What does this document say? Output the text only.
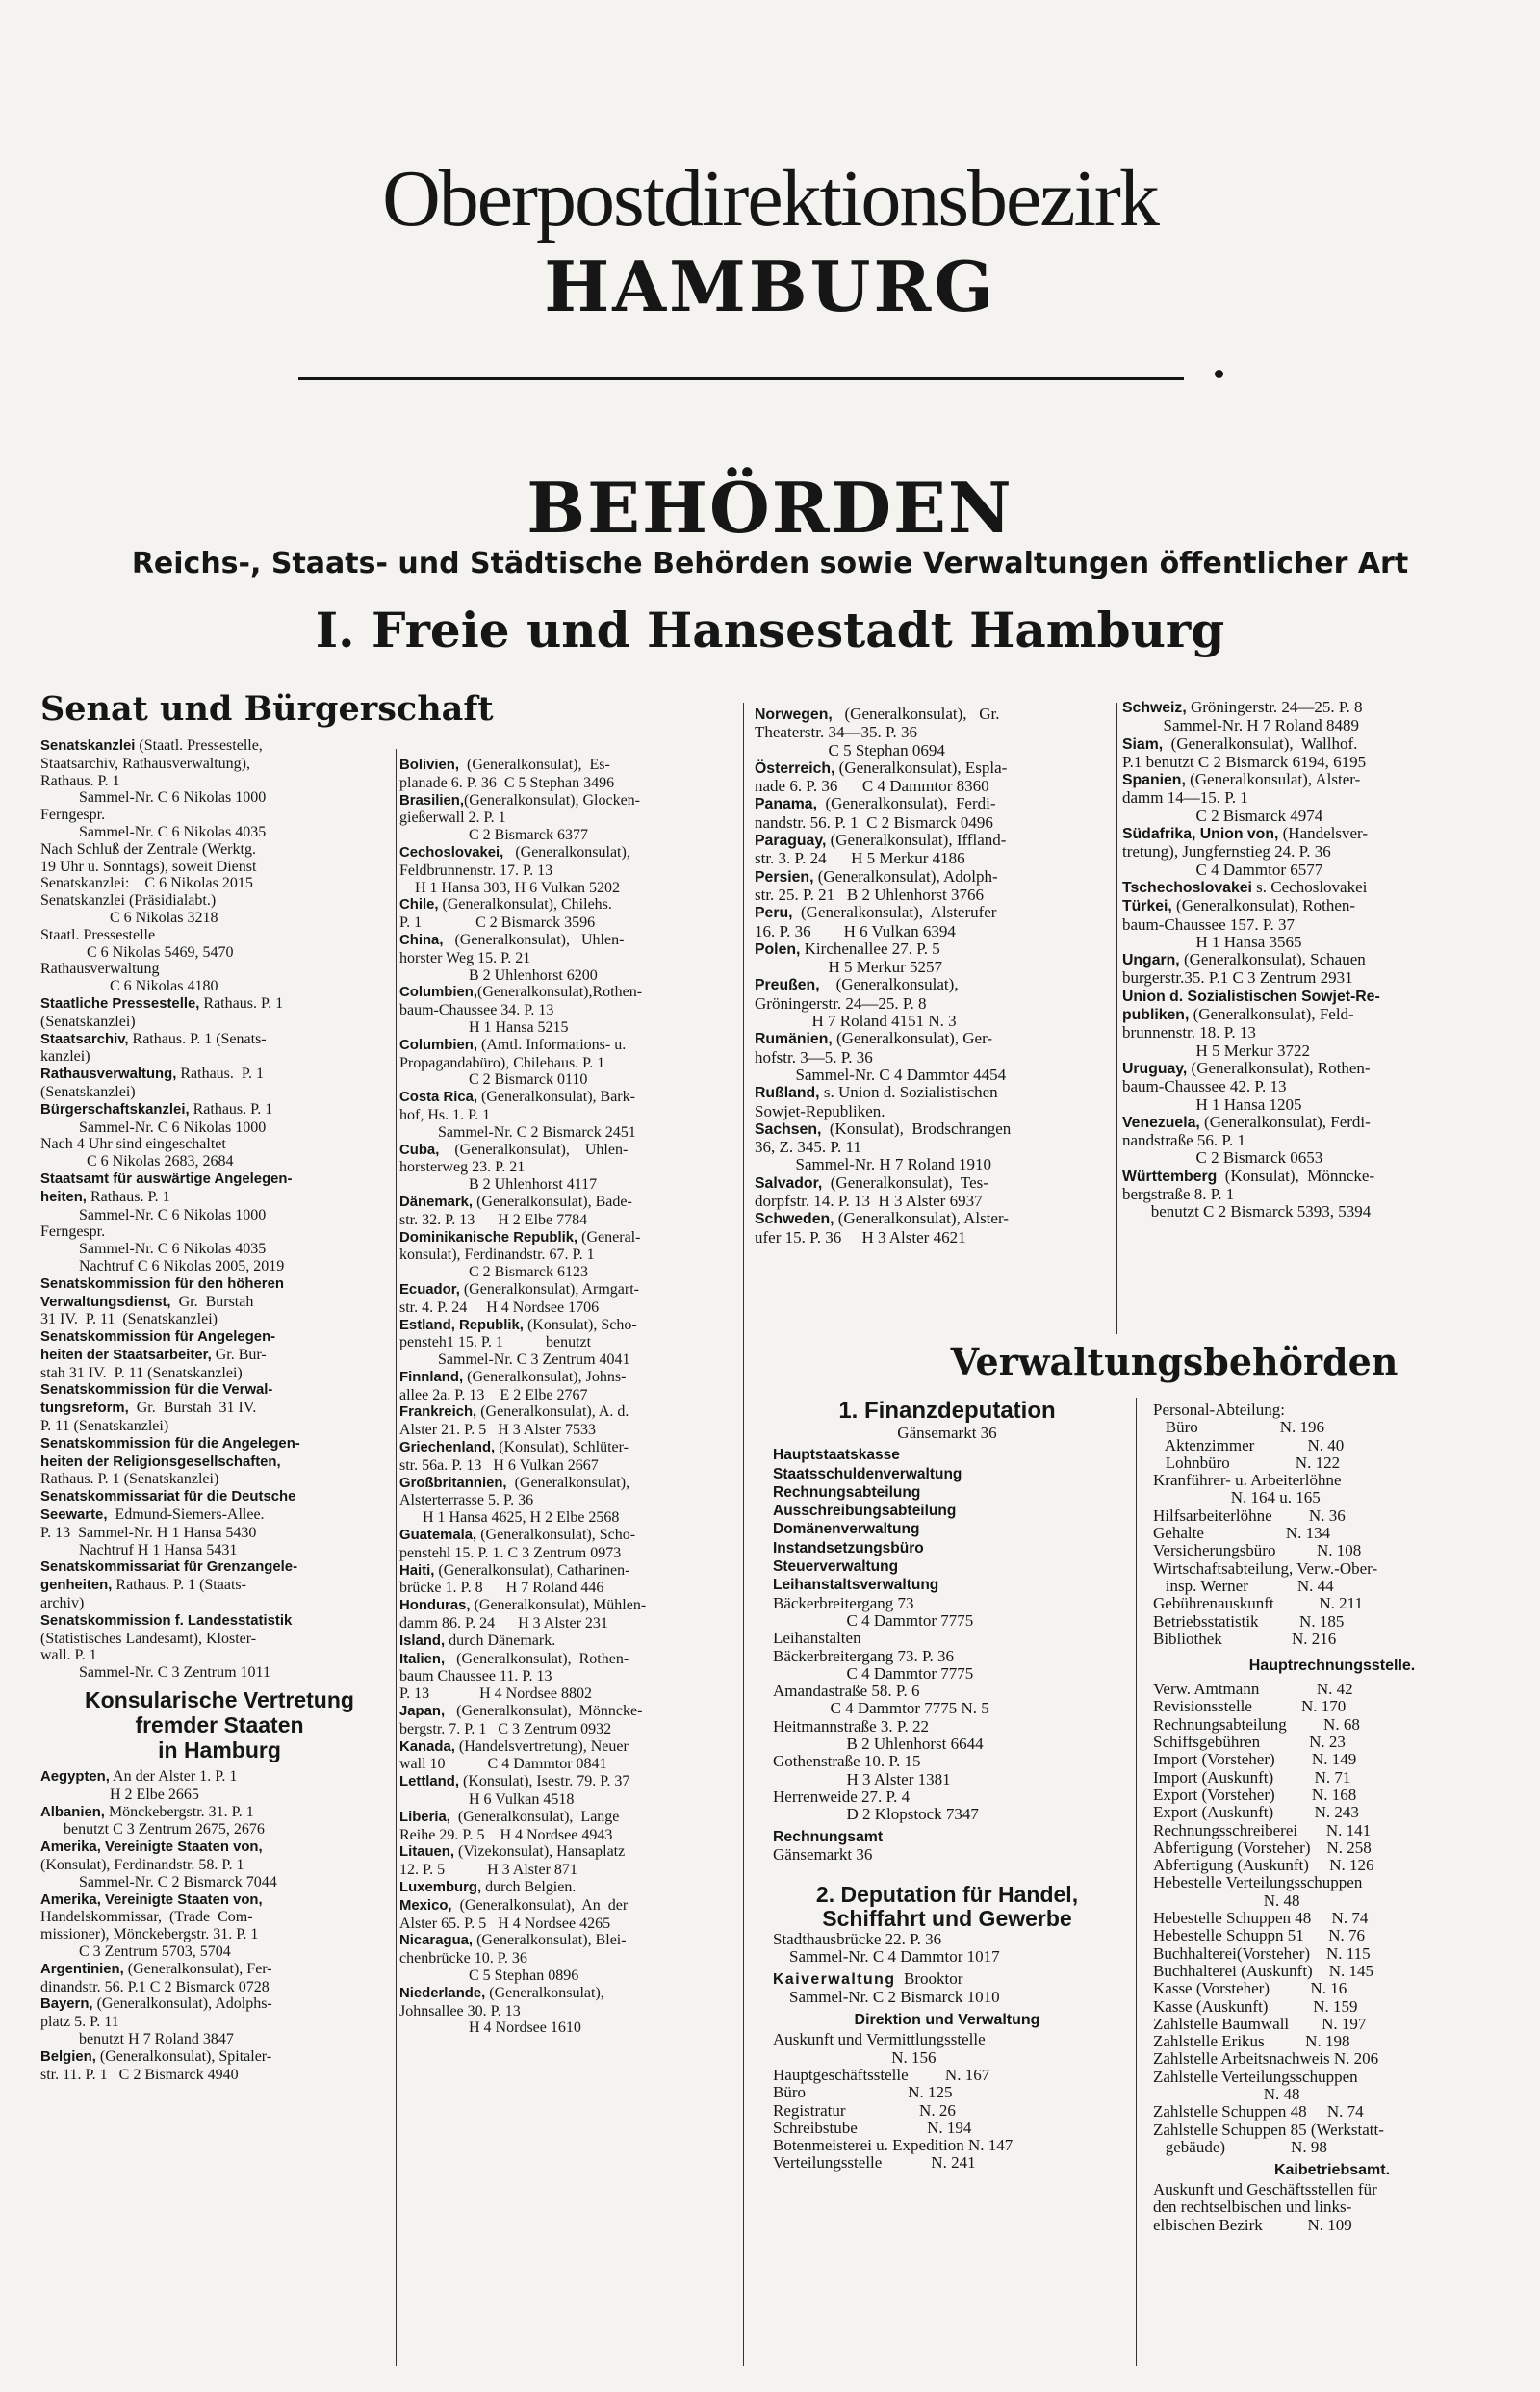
Oberpostdirektionsbezirk
HAMBURG
BEHÖRDEN
Reichs-, Staats- und Städtische Behörden sowie Verwaltungen öffentlicher Art
I. Freie und Hansestadt Hamburg
Senat und Bürgerschaft
Senatskanzlei (Staatl. Pressestelle,
Staatsarchiv, Rathausverwaltung),
Rathaus. P. 1
Sammel-Nr. C 6 Nikolas 1000
Ferngespr.
Sammel-Nr. C 6 Nikolas 4035
Nach Schluß der Zentrale (Werktg.
19 Uhr u. Sonntags), soweit Dienst
Senatskanzlei:    C 6 Nikolas 2015
Senatskanzlei (Präsidialabt.)
C 6 Nikolas 3218
Staatl. Pressestelle
C 6 Nikolas 5469, 5470
Rathausverwaltung
C 6 Nikolas 4180
Staatliche Pressestelle, Rathaus. P. 1
(Senatskanzlei)
Staatsarchiv, Rathaus. P. 1 (Senats-
kanzlei)
Rathausverwaltung, Rathaus.  P. 1
(Senatskanzlei)
Bürgerschaftskanzlei, Rathaus. P. 1
Sammel-Nr. C 6 Nikolas 1000
Nach 4 Uhr sind eingeschaltet
C 6 Nikolas 2683, 2684
Staatsamt für auswärtige Angelegen-
heiten, Rathaus. P. 1
Sammel-Nr. C 6 Nikolas 1000
Ferngespr.
Sammel-Nr. C 6 Nikolas 4035
Nachtruf C 6 Nikolas 2005, 2019
Senatskommission für den höheren
Verwaltungsdienst,  Gr.  Burstah
31 IV.  P. 11  (Senatskanzlei)
Senatskommission für Angelegen-
heiten der Staatsarbeiter, Gr. Bur-
stah 31 IV.  P. 11 (Senatskanzlei)
Senatskommission für die Verwal-
tungsreform,  Gr.  Burstah  31 IV.
P. 11 (Senatskanzlei)
Senatskommission für die Angelegen-
heiten der Religionsgesellschaften,
Rathaus. P. 1 (Senatskanzlei)
Senatskommissariat für die Deutsche
Seewarte,  Edmund-Siemers-Allee.
P. 13  Sammel-Nr. H 1 Hansa 5430
Nachtruf H 1 Hansa 5431
Senatskommissariat für Grenzangele-
genheiten, Rathaus. P. 1 (Staats-
archiv)
Senatskommission f. Landesstatistik
(Statistisches Landesamt), Kloster-
wall. P. 1
Sammel-Nr. C 3 Zentrum 1011
Konsularische Vertretung
fremder Staaten
in Hamburg
Aegypten, An der Alster 1. P. 1
H 2 Elbe 2665
Albanien, Mönckebergstr. 31. P. 1
benutzt C 3 Zentrum 2675, 2676
Amerika, Vereinigte Staaten von,
(Konsulat), Ferdinandstr. 58. P. 1
Sammel-Nr. C 2 Bismarck 7044
Amerika, Vereinigte Staaten von,
Handelskommissar,  (Trade  Com-
missioner), Mönckebergstr. 31. P. 1
C 3 Zentrum 5703, 5704
Argentinien, (Generalkonsulat), Fer-
dinandstr. 56. P.1 C 2 Bismarck 0728
Bayern, (Generalkonsulat), Adolphs-
platz 5. P. 11
benutzt H 7 Roland 3847
Belgien, (Generalkonsulat), Spitaler-
str. 11. P. 1   C 2 Bismarck 4940
Bolivien,  (Generalkonsulat),  Es-
planade 6. P. 36  C 5 Stephan 3496
Brasilien,(Generalkonsulat), Glocken-
gießerwall 2. P. 1
C 2 Bismarck 6377
Cechoslovakei,   (Generalkonsulat),
Feldbrunnenstr. 17. P. 13
H 1 Hansa 303, H 6 Vulkan 5202
Chile, (Generalkonsulat), Chilehs.
P. 1              C 2 Bismarck 3596
China,   (Generalkonsulat),   Uhlen-
horster Weg 15. P. 21
B 2 Uhlenhorst 6200
Columbien,(Generalkonsulat),Rothen-
baum-Chaussee 34. P. 13
H 1 Hansa 5215
Columbien, (Amtl. Informations- u.
Propagandabüro), Chilehaus. P. 1
C 2 Bismarck 0110
Costa Rica, (Generalkonsulat), Bark-
hof, Hs. 1. P. 1
Sammel-Nr. C 2 Bismarck 2451
Cuba,    (Generalkonsulat),    Uhlen-
horsterweg 23. P. 21
B 2 Uhlenhorst 4117
Dänemark, (Generalkonsulat), Bade-
str. 32. P. 13      H 2 Elbe 7784
Dominikanische Republik, (General-
konsulat), Ferdinandstr. 67. P. 1
C 2 Bismarck 6123
Ecuador, (Generalkonsulat), Armgart-
str. 4. P. 24     H 4 Nordsee 1706
Estland, Republik, (Konsulat), Scho-
pensteh1 15. P. 1           benutzt
Sammel-Nr. C 3 Zentrum 4041
Finnland, (Generalkonsulat), Johns-
allee 2a. P. 13    E 2 Elbe 2767
Frankreich, (Generalkonsulat), A. d.
Alster 21. P. 5   H 3 Alster 7533
Griechenland, (Konsulat), Schlüter-
str. 56a. P. 13   H 6 Vulkan 2667
Großbritannien,  (Generalkonsulat),
Alsterterrasse 5. P. 36
H 1 Hansa 4625, H 2 Elbe 2568
Guatemala, (Generalkonsulat), Scho-
penstehl 15. P. 1. C 3 Zentrum 0973
Haiti, (Generalkonsulat), Catharinen-
brücke 1. P. 8      H 7 Roland 446
Honduras, (Generalkonsulat), Mühlen-
damm 86. P. 24      H 3 Alster 231
Island, durch Dänemark.
Italien,   (Generalkonsulat),  Rothen-
baum Chaussee 11. P. 13
P. 13             H 4 Nordsee 8802
Japan,   (Generalkonsulat),  Mönncke-
bergstr. 7. P. 1   C 3 Zentrum 0932
Kanada, (Handelsvertretung), Neuer
wall 10           C 4 Dammtor 0841
Lettland, (Konsulat), Isestr. 79. P. 37
H 6 Vulkan 4518
Liberia,  (Generalkonsulat),  Lange
Reihe 29. P. 5    H 4 Nordsee 4943
Litauen, (Vizekonsulat), Hansaplatz
12. P. 5           H 3 Alster 871
Luxemburg, durch Belgien.
Mexico,  (Generalkonsulat),  An  der
Alster 65. P. 5   H 4 Nordsee 4265
Nicaragua, (Generalkonsulat), Blei-
chenbrücke 10. P. 36
C 5 Stephan 0896
Niederlande, (Generalkonsulat),
Johnsallee 30. P. 13
H 4 Nordsee 1610
Norwegen,   (Generalkonsulat),   Gr.
Theaterstr. 34—35. P. 36
C 5 Stephan 0694
Österreich, (Generalkonsulat), Espla-
nade 6. P. 36      C 4 Dammtor 8360
Panama,  (Generalkonsulat),  Ferdi-
nandstr. 56. P. 1  C 2 Bismarck 0496
Paraguay, (Generalkonsulat), Iffland-
str. 3. P. 24      H 5 Merkur 4186
Persien, (Generalkonsulat), Adolph-
str. 25. P. 21   B 2 Uhlenhorst 3766
Peru,  (Generalkonsulat),  Alsterufer
16. P. 36        H 6 Vulkan 6394
Polen, Kirchenallee 27. P. 5
H 5 Merkur 5257
Preußen,    (Generalkonsulat),
Gröningerstr. 24—25. P. 8
H 7 Roland 4151 N. 3
Rumänien, (Generalkonsulat), Ger-
hofstr. 3—5. P. 36
Sammel-Nr. C 4 Dammtor 4454
Rußland, s. Union d. Sozialistischen
Sowjet-Republiken.
Sachsen,  (Konsulat),  Brodschrangen
36, Z. 345. P. 11
Sammel-Nr. H 7 Roland 1910
Salvador,  (Generalkonsulat),  Tes-
dorpfstr. 14. P. 13  H 3 Alster 6937
Schweden, (Generalkonsulat), Alster-
ufer 15. P. 36     H 3 Alster 4621
Schweiz, Gröningerstr. 24—25. P. 8
Sammel-Nr. H 7 Roland 8489
Siam,  (Generalkonsulat),  Wallhof.
P.1 benutzt C 2 Bismarck 6194, 6195
Spanien, (Generalkonsulat), Alster-
damm 14—15. P. 1
C 2 Bismarck 4974
Südafrika, Union von, (Handelsver-
tretung), Jungfernstieg 24. P. 36
C 4 Dammtor 6577
Tschechoslovakei s. Cechoslovakei
Türkei, (Generalkonsulat), Rothen-
baum-Chaussee 157. P. 37
H 1 Hansa 3565
Ungarn, (Generalkonsulat), Schauen
burgerstr.35. P.1 C 3 Zentrum 2931
Union d. Sozialistischen Sowjet-Re-
publiken, (Generalkonsulat), Feld-
brunnenstr. 18. P. 13
H 5 Merkur 3722
Uruguay, (Generalkonsulat), Rothen-
baum-Chaussee 42. P. 13
H 1 Hansa 1205
Venezuela, (Generalkonsulat), Ferdi-
nandstraße 56. P. 1
C 2 Bismarck 0653
Württemberg  (Konsulat),  Mönncke-
bergstraße 8. P. 1
benutzt C 2 Bismarck 5393, 5394
Verwaltungsbehörden
1. Finanzdeputation
Gänsemarkt 36
Hauptstaatskasse
Staatsschuldenverwaltung
Rechnungsabteilung
Ausschreibungsabteilung
Domänenverwaltung
Instandsetzungsbüro
Steuerverwaltung
Leihanstaltsverwaltung
Bäckerbreitergang 73
C 4 Dammtor 7775
Leihanstalten
Bäckerbreitergang 73. P. 36
C 4 Dammtor 7775
Amandastraße 58. P. 6
C 4 Dammtor 7775 N. 5
Heitmannstraße 3. P. 22
B 2 Uhlenhorst 6644
Gothenstraße 10. P. 15
H 3 Alster 1381
Herrenweide 27. P. 4
D 2 Klopstock 7347
Rechnungsamt
Gänsemarkt 36
2. Deputation für Handel,
Schiffahrt und Gewerbe
Stadthausbrücke 22. P. 36
Sammel-Nr. C 4 Dammtor 1017
Kaiverwaltung  Brooktor
Sammel-Nr. C 2 Bismarck 1010
Direktion und Verwaltung
Auskunft und Vermittlungsstelle
N. 156
Hauptgeschäftsstelle         N. 167
Büro                         N. 125
Registratur                  N. 26
Schreibstube                 N. 194
Botenmeisterei u. Expedition N. 147
Verteilungsstelle            N. 241
Personal-Abteilung:
Büro                    N. 196
Aktenzimmer             N. 40
Lohnbüro                N. 122
Kranführer- u. Arbeiterlöhne
N. 164 u. 165
Hilfsarbeiterlöhne         N. 36
Gehalte                    N. 134
Versicherungsbüro          N. 108
Wirtschaftsabteilung, Verw.-Ober-
insp. Werner            N. 44
Gebührenauskunft           N. 211
Betriebsstatistik          N. 185
Bibliothek                 N. 216
Hauptrechnungsstelle.
Verw. Amtmann              N. 42
Revisionsstelle            N. 170
Rechnungsabteilung         N. 68
Schiffsgebühren            N. 23
Import (Vorsteher)         N. 149
Import (Auskunft)          N. 71
Export (Vorsteher)         N. 168
Export (Auskunft)          N. 243
Rechnungsschreiberei       N. 141
Abfertigung (Vorsteher)    N. 258
Abfertigung (Auskunft)     N. 126
Hebestelle Verteilungsschuppen
N. 48
Hebestelle Schuppen 48     N. 74
Hebestelle Schuppn 51      N. 76
Buchhalterei(Vorsteher)    N. 115
Buchhalterei (Auskunft)    N. 145
Kasse (Vorsteher)          N. 16
Kasse (Auskunft)           N. 159
Zahlstelle Baumwall        N. 197
Zahlstelle Erikus          N. 198
Zahlstelle Arbeitsnachweis N. 206
Zahlstelle Verteilungsschuppen
N. 48
Zahlstelle Schuppen 48     N. 74
Zahlstelle Schuppen 85 (Werkstatt-
gebäude)                N. 98
Kaibetriebsamt.
Auskunft und Geschäftsstellen für
den rechtselbischen und links-
elbischen Bezirk           N. 109
